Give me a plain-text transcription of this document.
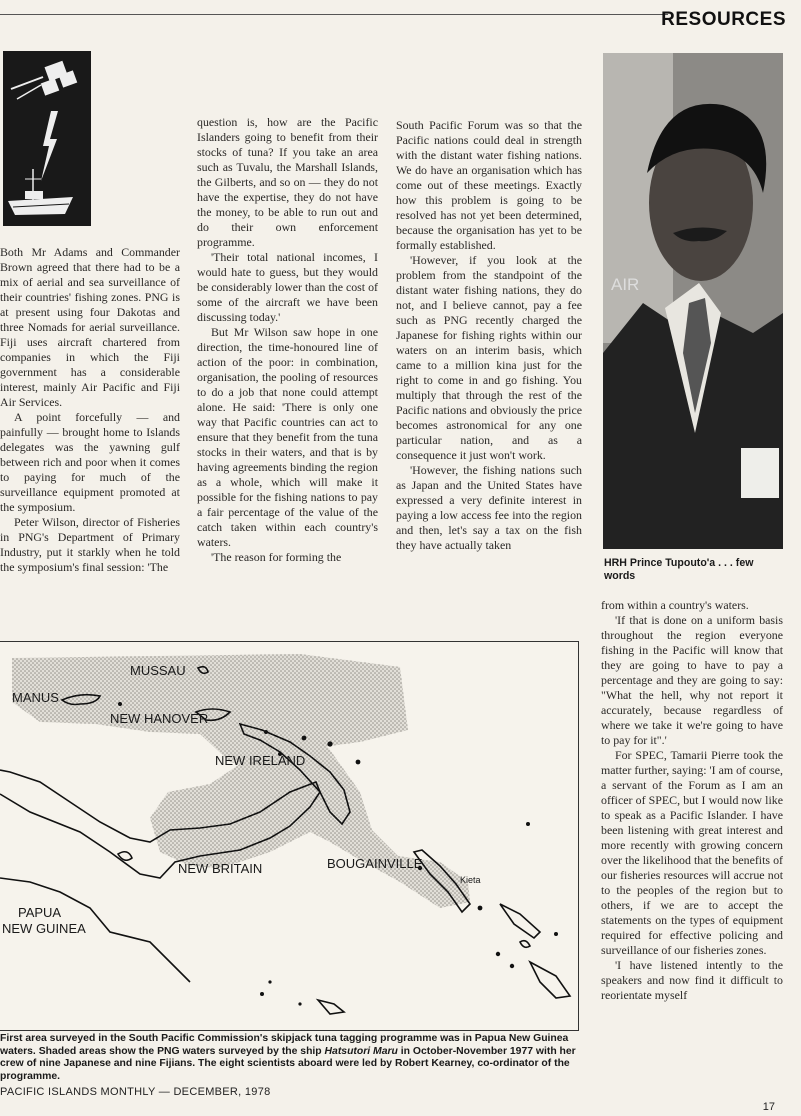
RESOURCES

Both Mr Adams and Commander Brown agreed that there had to be a mix of aerial and sea surveillance of their countries' fishing zones. PNG is at present using four Dakotas and three Nomads for aerial surveillance. Fiji uses aircraft chartered from companies in which the Fiji government has a considerable interest, mainly Air Pacific and Fiji Air Services.

A point forcefully — and painfully — brought home to Islands delegates was the yawning gulf between rich and poor when it comes to paying for much of the surveillance equipment promoted at the symposium.

Peter Wilson, director of Fisheries in PNG's Department of Primary Industry, put it starkly when he told the symposium's final session: 'The

question is, how are the Pacific Islanders going to benefit from their stocks of tuna? If you take an area such as Tuvalu, the Marshall Islands, the Gilberts, and so on — they do not have the expertise, they do not have the money, to be able to run out and do their own enforcement programme.

'Their total national incomes, I would hate to guess, but they would be considerably lower than the cost of some of the aircraft we have been discussing today.'

But Mr Wilson saw hope in one direction, the time-honoured line of action of the poor: in combination, organisation, the pooling of resources to do a job that none could attempt alone. He said: 'There is only one way that Pacific countries can act to ensure that they benefit from the tuna stocks in their waters, and that is by having agreements binding the region as a whole, which will make it possible for the fishing nations to pay a fair percentage of the value of the catch taken within each country's waters.

'The reason for forming the

South Pacific Forum was so that the Pacific nations could deal in strength with the distant water fishing nations. We do have an organisation which has come out of these meetings. Exactly how this problem is going to be resolved has not yet been determined, because the organisation has yet to be formally established.

'However, if you look at the problem from the standpoint of the distant water fishing nations, they do not, and I believe cannot, pay a fee such as PNG recently charged the Japanese for fishing rights within our waters on an interim basis, which came to a million kina just for the right to come in and go fishing. You multiply that through the rest of the Pacific nations and obviously the price becomes astronomical for any one particular nation, and as a consequence it just won't work.

'However, the fishing nations such as Japan and the United States have expressed a very definite interest in paying a low access fee into the region and then, let's say a tax on the fish they have actually taken

AIR
HRH Prince Tupouto'a . . . few words

from within a country's waters.

'If that is done on a uniform basis throughout the region everyone fishing in the Pacific will know that they are going to have to pay a percentage and they are going to say: "What the hell, why not report it accurately, because regardless of where we take it we're going to have to pay for it".'

For SPEC, Tamarii Pierre took the matter further, saying: 'I am of course, a servant of the Forum as I am an officer of SPEC, but I would now like to speak as a Pacific Islander. I have been listening with great interest and more recently with growing concern over the likelihood that the benefits of our fisheries resources will accrue not to the peoples of the region but to others, if we are to accept the statements on the types of equipment required for effective policing and surveillance of our fisheries zones.

'I have listened intently to the speakers and now find it difficult to reorientate myself

MUSSAU
MANUS
NEW HANOVER
NEW IRELAND
NEW BRITAIN	BOUGAINVILLE
Kieta
PAPUA
NEW GUINEA
First area surveyed in the South Pacific Commission's skipjack tuna tagging programme was in Papua New Guinea waters. Shaded areas show the PNG waters surveyed by the ship Hatsutori Maru in October-November 1977 with her crew of nine Japanese and nine Fijians. The eight scientists aboard were led by Robert Kearney, co-ordinator of the programme.
PACIFIC ISLANDS MONTHLY — DECEMBER, 1978
17
